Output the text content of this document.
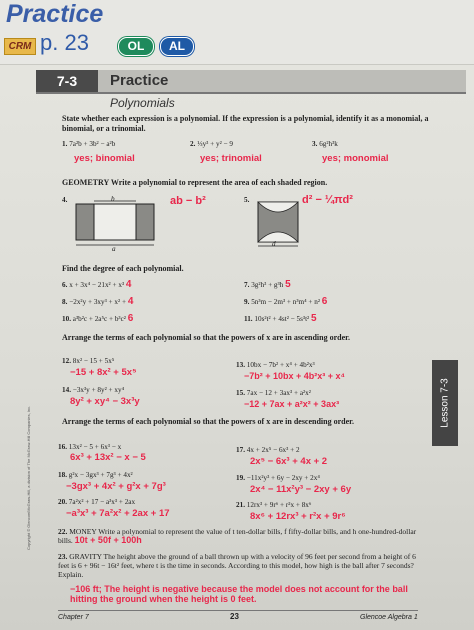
Practice
CRM p. 23	OL	AL
7-3	Practice
Polynomials
State whether each expression is a polynomial. If the expression is a polynomial, identify it as a monomial, a binomial, or a trinomial.
1. 7a²b + 3b² − a²b
yes; binomial
2. ⅓y³ + y² − 9
yes; trinomial
3. 6g²h³k
yes; monomial
GEOMETRY Write a polynomial to represent the area of each shaded region.
4.	b
a
ab − b²	5.
d
d² − ¼πd²
Find the degree of each polynomial.
6. x + 3x⁴ − 21x² + x³ 4	7. 3g²h³ + g³h 5
8. −2x²y + 3xy³ + x² + 4	9. 5n³m − 2m³ + n³m⁴ + n² 6
10. a³b²c + 2a⁵c + b³c² 6	11. 10s²t² + 4st² − 5s³t² 5
Arrange the terms of each polynomial so that the powers of x are in ascending order.
12. 8x² − 15 + 5x⁵
−15 + 8x² + 5x⁵
13. 10bx − 7b² + x⁴ + 4b²x³
−7b² + 10bx + 4b²x³ + x⁴
14. −3x³y + 8y² + xy⁴
8y² + xy⁴ − 3x³y
15. 7ax − 12 + 3ax³ + a²x²
−12 + 7ax + a²x² + 3ax³
Arrange the terms of each polynomial so that the powers of x are in descending order.
16. 13x² − 5 + 6x³ − x
6x³ + 13x² − x − 5
17. 4x + 2x⁵ − 6x³ + 2
2x⁵ − 6x³ + 4x + 2
18. g²x − 3gx³ + 7g³ + 4x²
−3gx³ + 4x² + g²x + 7g³
19. −11x²y³ + 6y − 2xy + 2x⁴
2x⁴ − 11x²y³ − 2xy + 6y
20. 7a²x² + 17 − a³x³ + 2ax
−a³x³ + 7a²x² + 2ax + 17
21. 12rx³ + 9r⁶ + r²x + 8x⁶
8x⁶ + 12rx³ + r²x + 9r⁶
22. MONEY Write a polynomial to represent the value of t ten-dollar bills, f fifty-dollar bills, and h one-hundred-dollar bills. 10t + 50f + 100h
23. GRAVITY The height above the ground of a ball thrown up with a velocity of 96 feet per second from a height of 6 feet is 6 + 96t − 16t² feet, where t is the time in seconds. According to this model, how high is the ball after 7 seconds? Explain.
−106 ft; The height is negative because the model does not account for the ball hitting the ground when the height is 0 feet.
Lesson 7-3
Copyright © Glencoe/McGraw-Hill, a division of The McGraw-Hill Companies, Inc.
Chapter 7	23	Glencoe Algebra 1
